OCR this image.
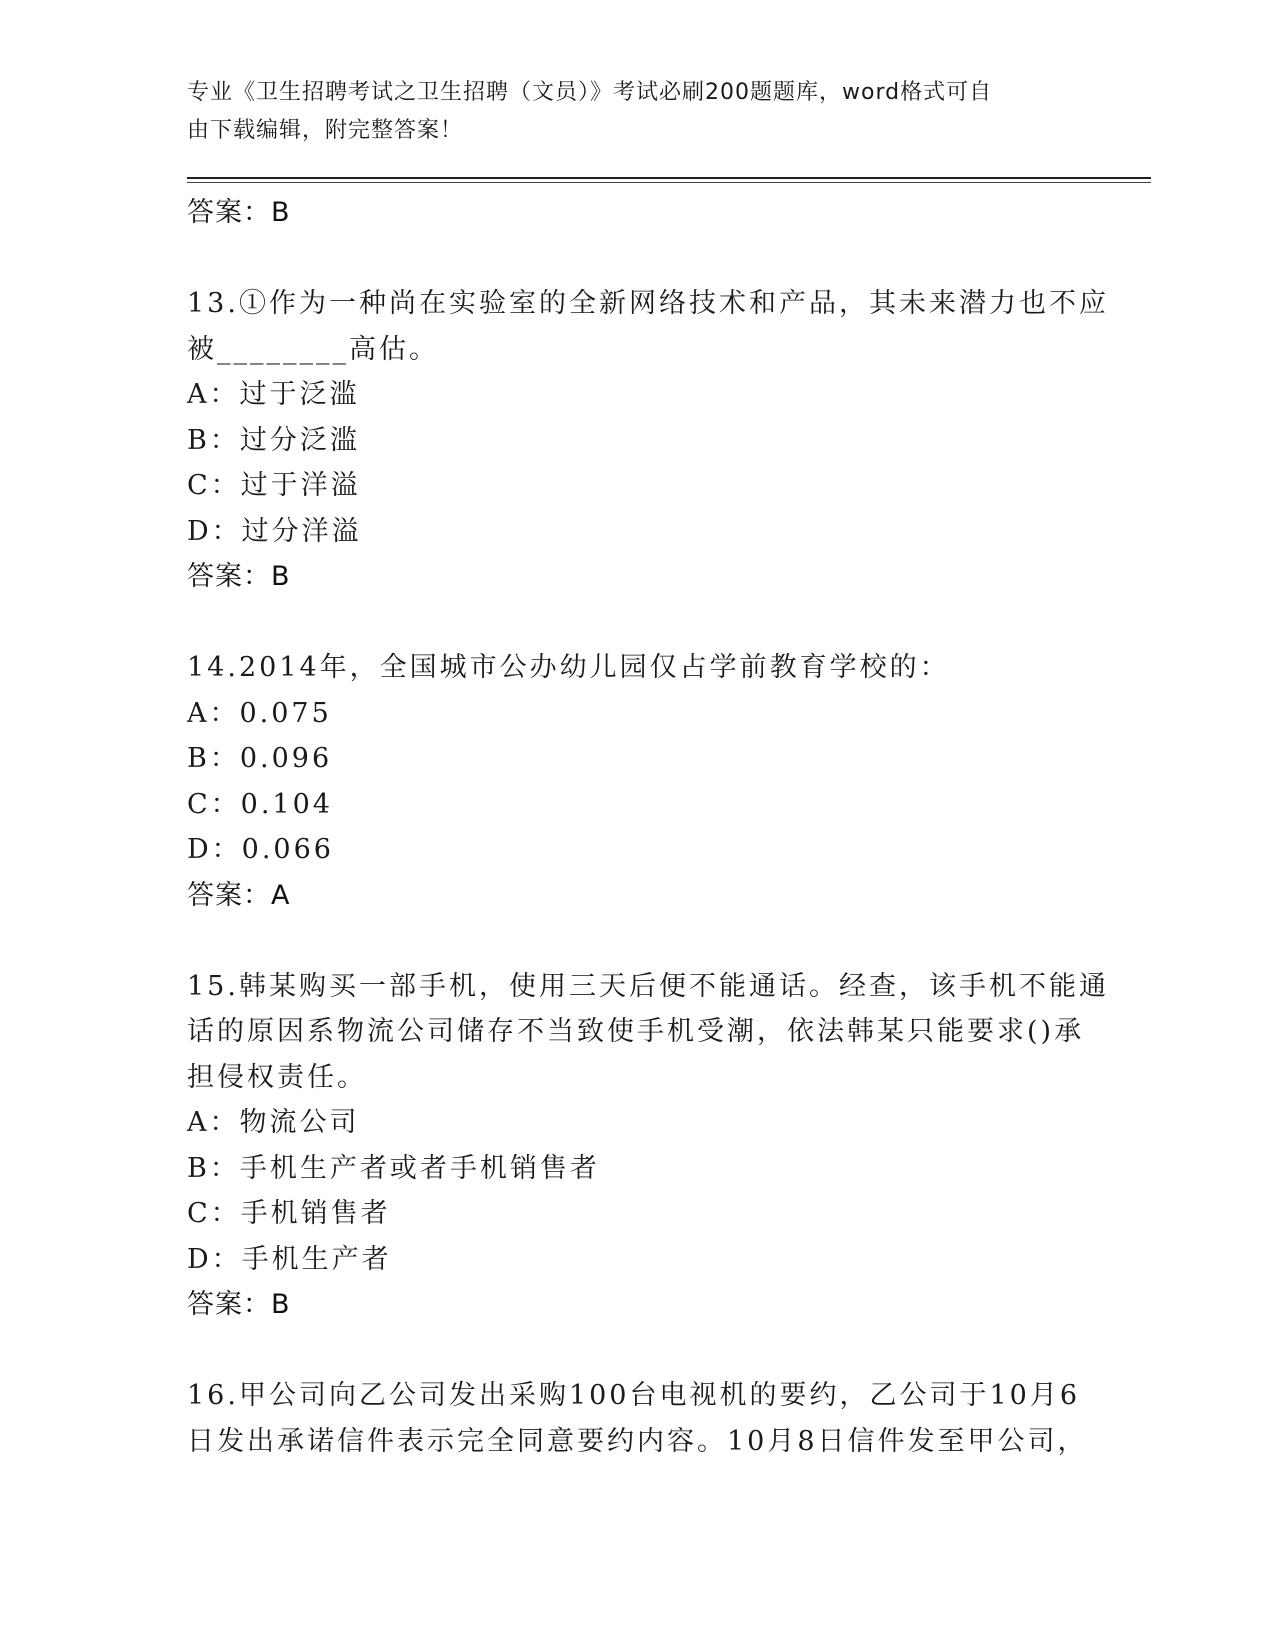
专业《卫生招聘考试之卫生招聘（文员）》考试必刷200题题库，word格式可自
由下载编辑，附完整答案！
答案：B
13.①作为一种尚在实验室的全新网络技术和产品，其未来潜力也不应
被________高估。
A：过于泛滥
B：过分泛滥
C：过于洋溢
D：过分洋溢
答案：B
14.2014年，全国城市公办幼儿园仅占学前教育学校的：
A：0.075
B：0.096
C：0.104
D：0.066
答案：A
15.韩某购买一部手机，使用三天后便不能通话。经查，该手机不能通
话的原因系物流公司储存不当致使手机受潮，依法韩某只能要求()承
担侵权责任。
A：物流公司
B：手机生产者或者手机销售者
C：手机销售者
D：手机生产者
答案：B
16.甲公司向乙公司发出采购100台电视机的要约，乙公司于10月6
日发出承诺信件表示完全同意要约内容。10月8日信件发至甲公司，
